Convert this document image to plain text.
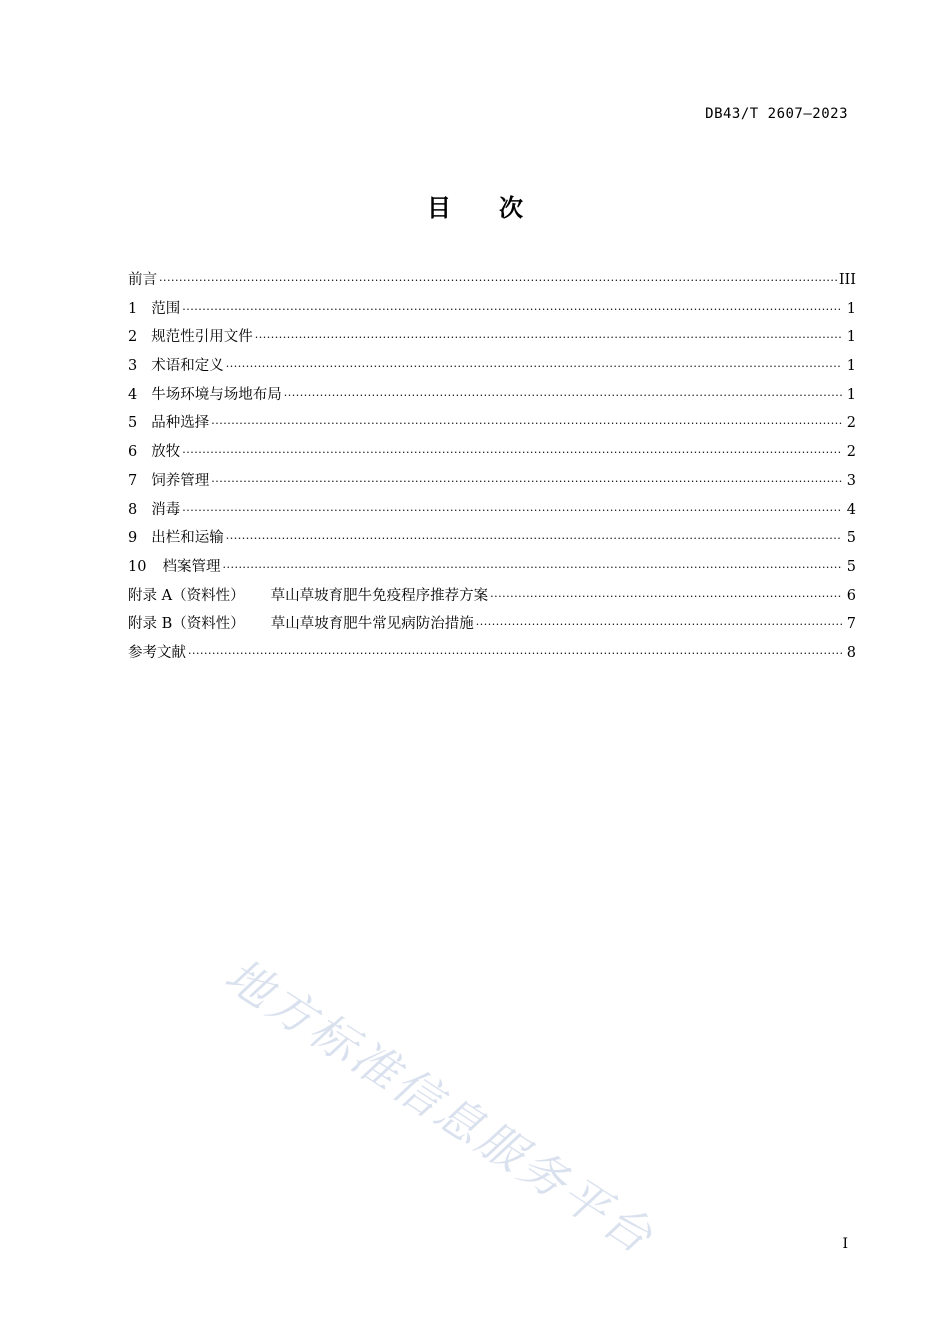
DB43/T 2607—2023
目 次
前言 ·····	III
1 范围 ·····	1
2 规范性引用文件 ·····	1
3 术语和定义 ·····	1
4 牛场环境与场地布局 ·····	1
5 品种选择 ·····	2
6 放牧 ·····	2
7 饲养管理 ·····	3
8 消毒 ·····	4
9 出栏和运输 ·····	5
10 档案管理 ·····	5
附录 A（资料性） 草山草坡育肥牛免疫程序推荐方案 ·····	6
附录 B（资料性） 草山草坡育肥牛常见病防治措施 ·····	7
参考文献 ·····	8
地方标准信息服务平台	I
